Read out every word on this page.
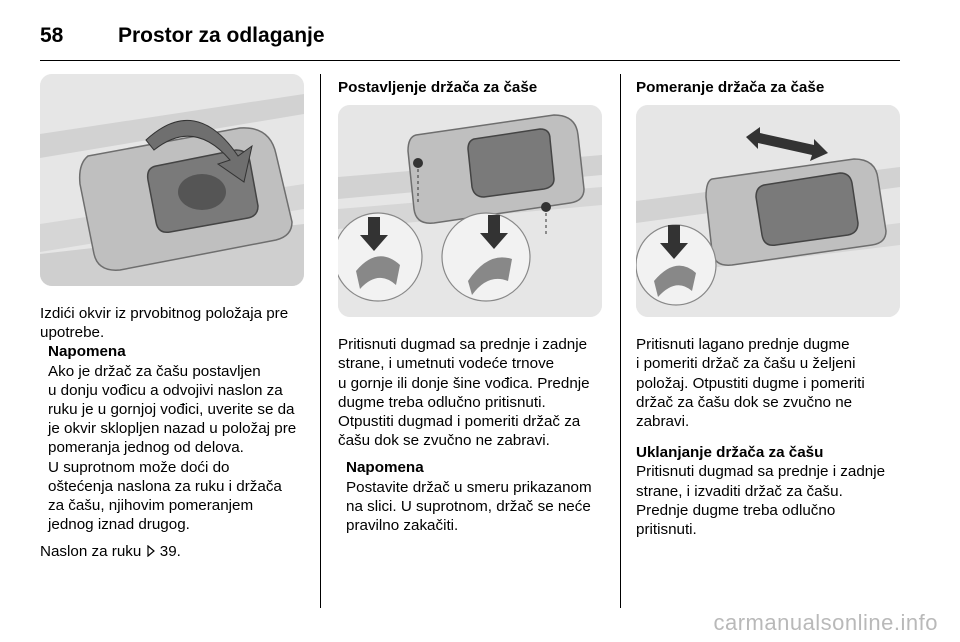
58	Prostor za odlaganje

Izdići okvir iz prvobitnog položaja pre upotrebe.

Napomena
Ako je držač za čašu postavljen
u donju vođicu a odvojivi naslon za
ruku je u gornjoj vođici, uverite se da
je okvir sklopljen nazad u položaj pre
pomeranja jednog od delova.
U suprotnom može doći do
oštećenja naslona za ruku i držača
za čašu, njihovim pomeranjem
jednog iznad drugog.

Naslon za ruku 39.

Postavljenje držača za čaše
Pritisnuti dugmad sa prednje i zadnje
strane, i umetnuti vodeće trnove
u gornje ili donje šine vođica. Prednje
dugme treba odlučno pritisnuti.
Otpustiti dugmad i pomeriti držač za
čašu dok se zvučno ne zabravi.
Napomena
Postavite držač u smeru prikazanom
na slici. U suprotnom, držač se neće
pravilno zakačiti.
Pomeranje držača za čaše
Pritisnuti lagano prednje dugme
i pomeriti držač za čašu u željeni
položaj. Otpustiti dugme i pomeriti
držač za čašu dok se zvučno ne
zabravi.
Uklanjanje držača za čašu
Pritisnuti dugmad sa prednje i zadnje
strane, i izvaditi držač za čašu.
Prednje dugme treba odlučno
pritisnuti.
carmanualsonline.info
